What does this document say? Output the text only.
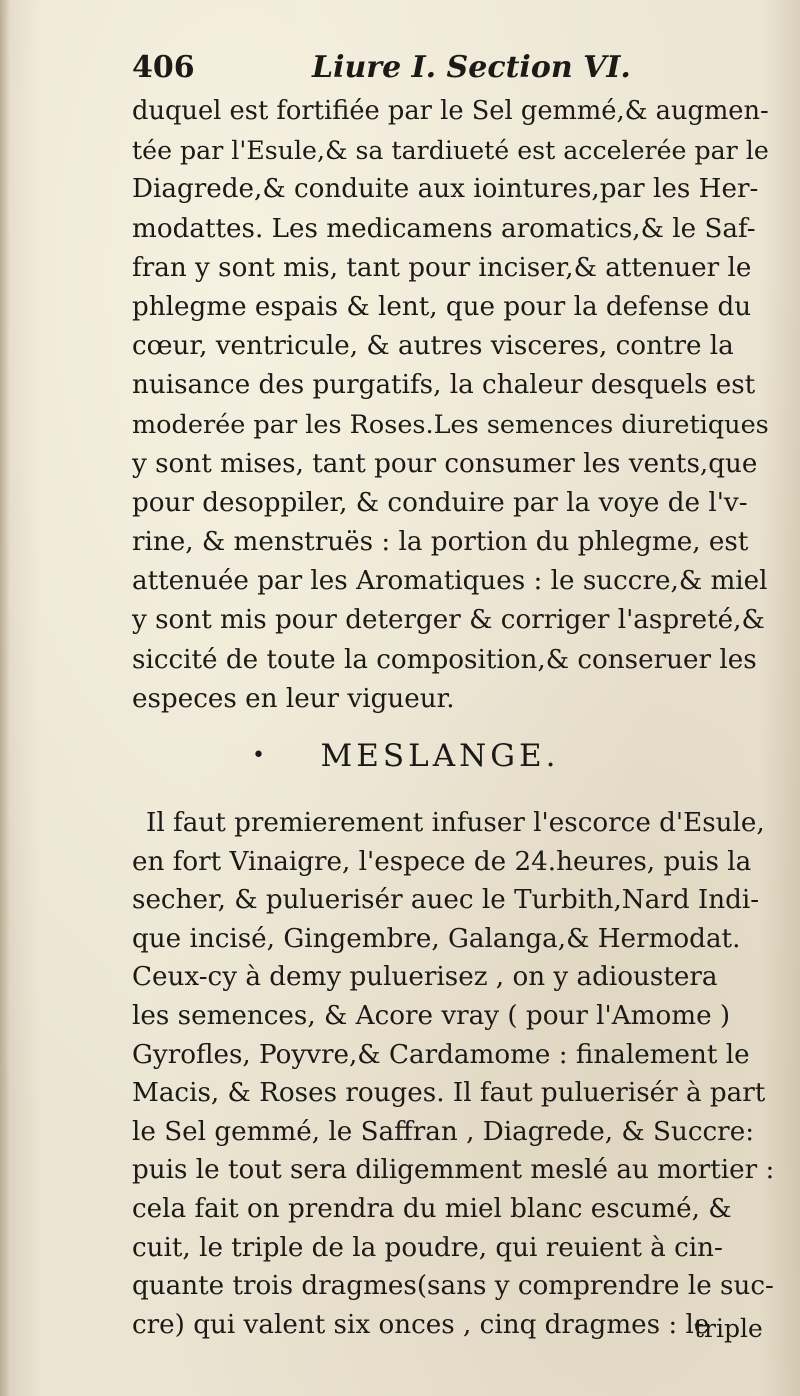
406	Liure I. Section VI.
duquel est fortifiée par le Sel gemmé,& augmen-
tée par l'Esule,& sa tardiueté est accelerée par le
Diagrede,& conduite aux iointures,par les Her-
modattes. Les medicamens aromatics,& le Saf-
fran y sont mis, tant pour inciser,& attenuer le
phlegme espais & lent, que pour la defense du
cœur, ventricule, & autres visceres, contre la
nuisance des purgatifs, la chaleur desquels est
moderée par les Roses.Les semences diuretiques
y sont mises, tant pour consumer les vents,que
pour desoppiler, & conduire par la voye de l'v-
rine, & menstruës : la portion du phlegme, est
attenuée par les Aromatiques : le succre,& miel
y sont mis pour deterger & corriger l'aspreté,&
siccité de toute la composition,& conseruer les
especes en leur vigueur.
• MESLANGE.
Il faut premierement infuser l'escorce d'Esule,
en fort Vinaigre, l'espece de 24.heures, puis la
secher, & puluerisér auec le Turbith,Nard Indi-
que incisé, Gingembre, Galanga,& Hermodat.
Ceux-cy à demy puluerisez , on y adioustera
les semences, & Acore vray ( pour l'Amome )
Gyrofles, Poyvre,& Cardamome : finalement le
Macis, & Roses rouges. Il faut puluerisér à part
le Sel gemmé, le Saffran , Diagrede, & Succre:
puis le tout sera diligemment meslé au mortier :
cela fait on prendra du miel blanc escumé, &
cuit, le triple de la poudre, qui reuient à cin-
quante trois dragmes(sans y comprendre le suc-
cre) qui valent six onces , cinq dragmes : le
triple
